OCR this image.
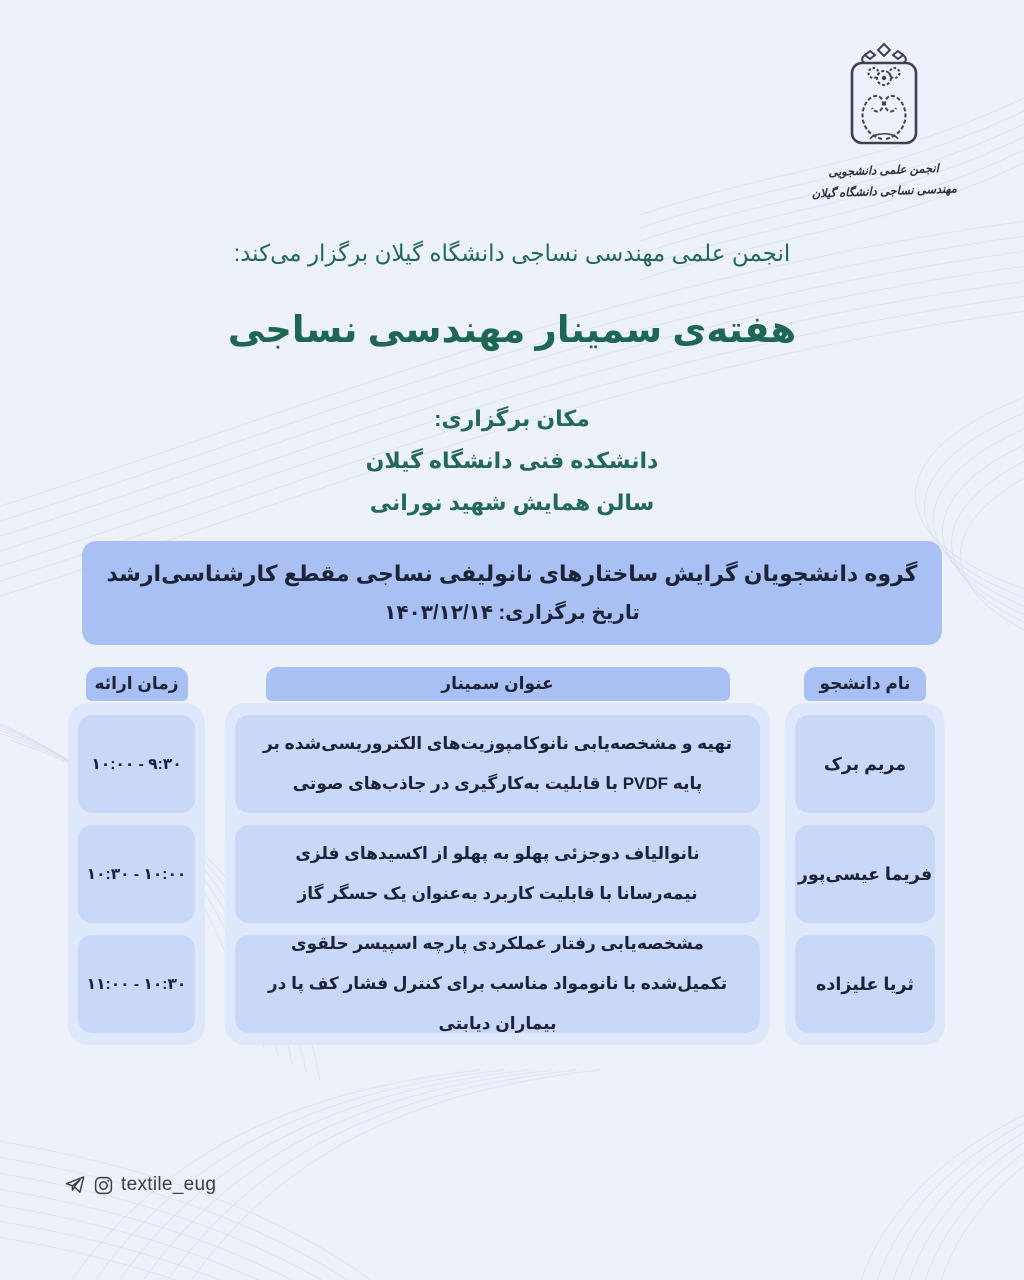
انجمن علمی دانشجویی
مهندسی نساجی دانشگاه گیلان
انجمن علمی مهندسی نساجی دانشگاه گیلان برگزار می‌کند:
هفته‌ی سمینار مهندسی نساجی
مکان برگزاری:
دانشکده فنی دانشگاه گیلان
سالن همایش شهید نورانی
گروه دانشجویان گرایش ساختارهای نانولیفی نساجی مقطع کارشناسی‌ارشد
تاریخ برگزاری: ۱۴۰۳/۱۲/۱۴
نام دانشجو
مریم برک
فریما عیسی‌پور
ثریا علیزاده
عنوان سمینار
تهیه و مشخصه‌یابی نانوکامپوزیت‌های الکتروریسی‌شده بر پایه PVDF با قابلیت به‌کارگیری در جاذب‌های صوتی
نانوالیاف دوجزئی پهلو به پهلو از اکسیدهای فلزی نیمه‌رسانا با قابلیت کاربرد به‌عنوان یک حسگر گاز
مشخصه‌یابی رفتار عملکردی پارچه اسپیسر حلقوی تکمیل‌شده با نانومواد مناسب برای کنترل فشار کف پا در بیماران دیابتی
زمان ارائه
۱۰:۰۰ - ۹:۳۰
۱۰:۳۰ - ۱۰:۰۰
۱۱:۰۰ - ۱۰:۳۰
textile_eug
